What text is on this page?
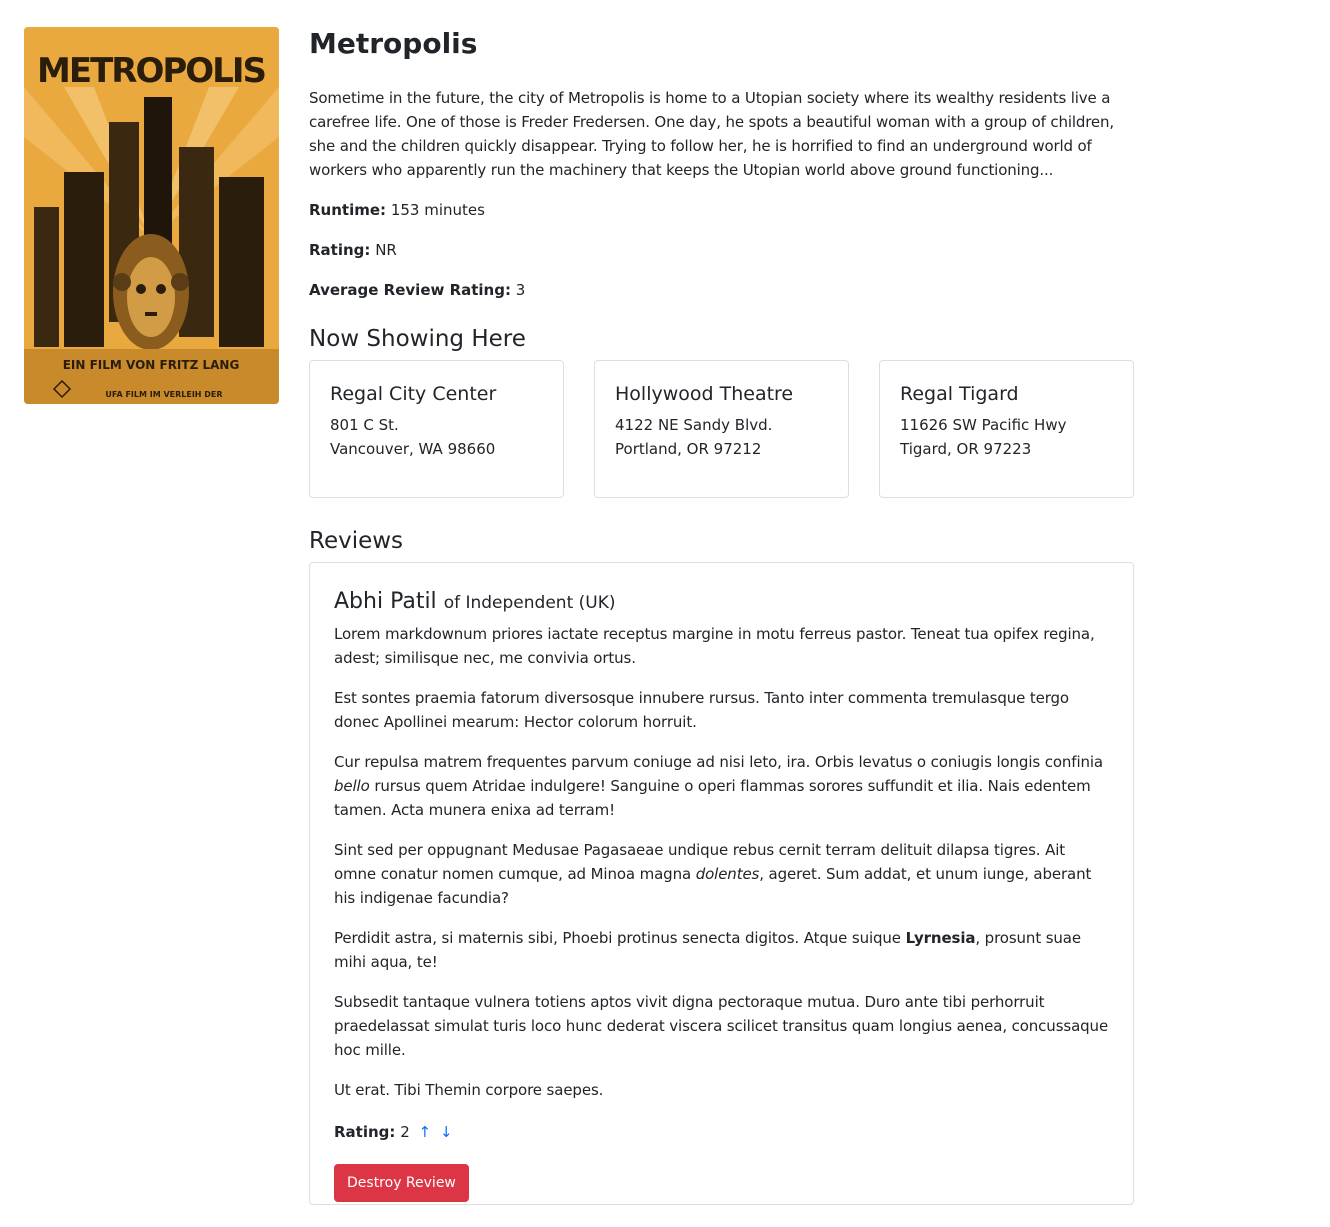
METROPOLIS
EIN FILM VON FRITZ LANG
UFA FILM IM VERLEIH DER
Metropolis

Sometime in the future, the city of Metropolis is home to a Utopian society where its wealthy residents live a carefree life. One of those is Freder Fredersen. One day, he spots a beautiful woman with a group of children, she and the children quickly disappear. Trying to follow her, he is horrified to find an underground world of workers who apparently run the machinery that keeps the Utopian world above ground functioning...

Runtime: 153 minutes

Rating: NR

Average Review Rating: 3

Now Showing Here
Regal City Center
801 C St.
Vancouver, WA 98660
Hollywood Theatre
4122 NE Sandy Blvd.
Portland, OR 97212
Regal Tigard
11626 SW Pacific Hwy
Tigard, OR 97223
Reviews
Abhi Patil of Independent (UK)

Lorem markdownum priores iactate receptus margine in motu ferreus pastor. Teneat tua opifex regina, adest; similisque nec, me convivia ortus.

Est sontes praemia fatorum diversosque innubere rursus. Tanto inter commenta tremulasque tergo donec Apollinei mearum: Hector colorum horruit.

Cur repulsa matrem frequentes parvum coniuge ad nisi leto, ira. Orbis levatus o coniugis longis confinia bello rursus quem Atridae indulgere! Sanguine o operi flammas sorores suffundit et ilia. Nais edentem tamen. Acta munera enixa ad terram!

Sint sed per oppugnant Medusae Pagasaeae undique rebus cernit terram delituit dilapsa tigres. Ait omne conatur nomen cumque, ad Minoa magna dolentes, ageret. Sum addat, et unum iunge, aberant his indigenae facundia?

Perdidit astra, si maternis sibi, Phoebi protinus senecta digitos. Atque suique Lyrnesia, prosunt suae mihi aqua, te!

Subsedit tantaque vulnera totiens aptos vivit digna pectoraque mutua. Duro ante tibi perhorruit praedelassat simulat turis loco hunc dederat viscera scilicet transitus quam longius aenea, concussaque hoc mille.

Ut erat. Tibi Themin corpore saepes.

Rating: 2 ↑ ↓
Destroy Review
